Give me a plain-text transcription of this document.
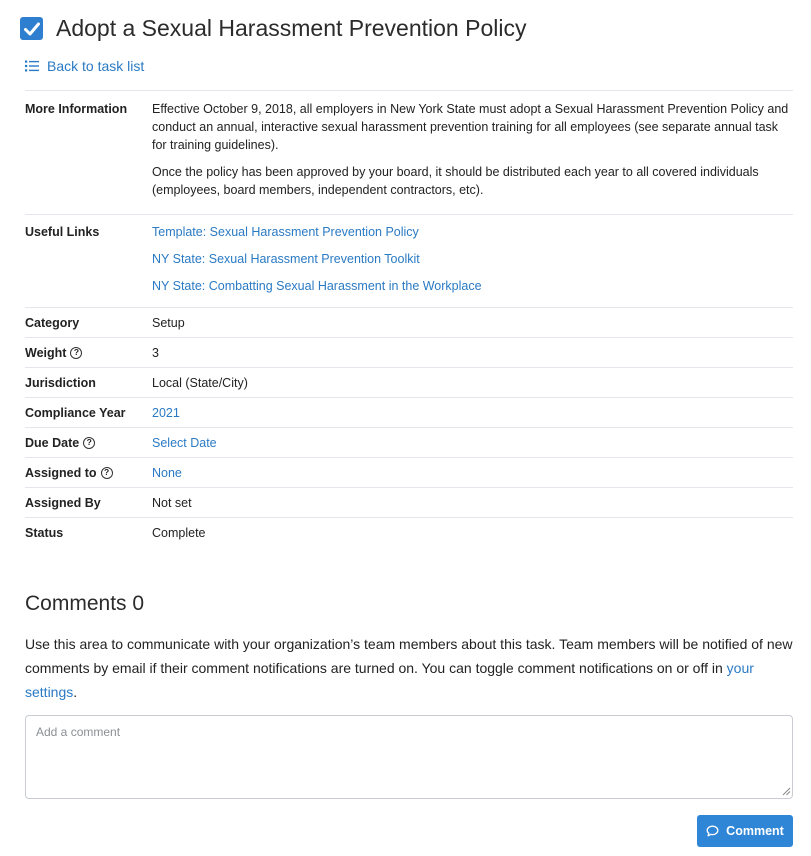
Adopt a Sexual Harassment Prevention Policy
Back to task list
More Information	Effective October 9, 2018, all employers in New York State must adopt a Sexual Harassment Prevention Policy and conduct an annual, interactive sexual harassment prevention training for all employees (see separate annual task for training guidelines).

Once the policy has been approved by your board, it should be distributed each year to all covered individuals (employees, board members, independent contractors, etc).

Useful Links	Template: Sexual Harassment Prevention Policy
NY State: Sexual Harassment Prevention Toolkit
NY State: Combatting Sexual Harassment in the Workplace
Category	Setup
Weight ?	3
Jurisdiction	Local (State/City)
Compliance Year	2021
Due Date ?	Select Date
Assigned to ?	None
Assigned By	Not set
Status	Complete
Comments 0

Use this area to communicate with your organization’s team members about this task. Team members will be notified of new comments by email if their comment notifications are turned on. You can toggle comment notifications on or off in your settings.

Add a comment
Comment
